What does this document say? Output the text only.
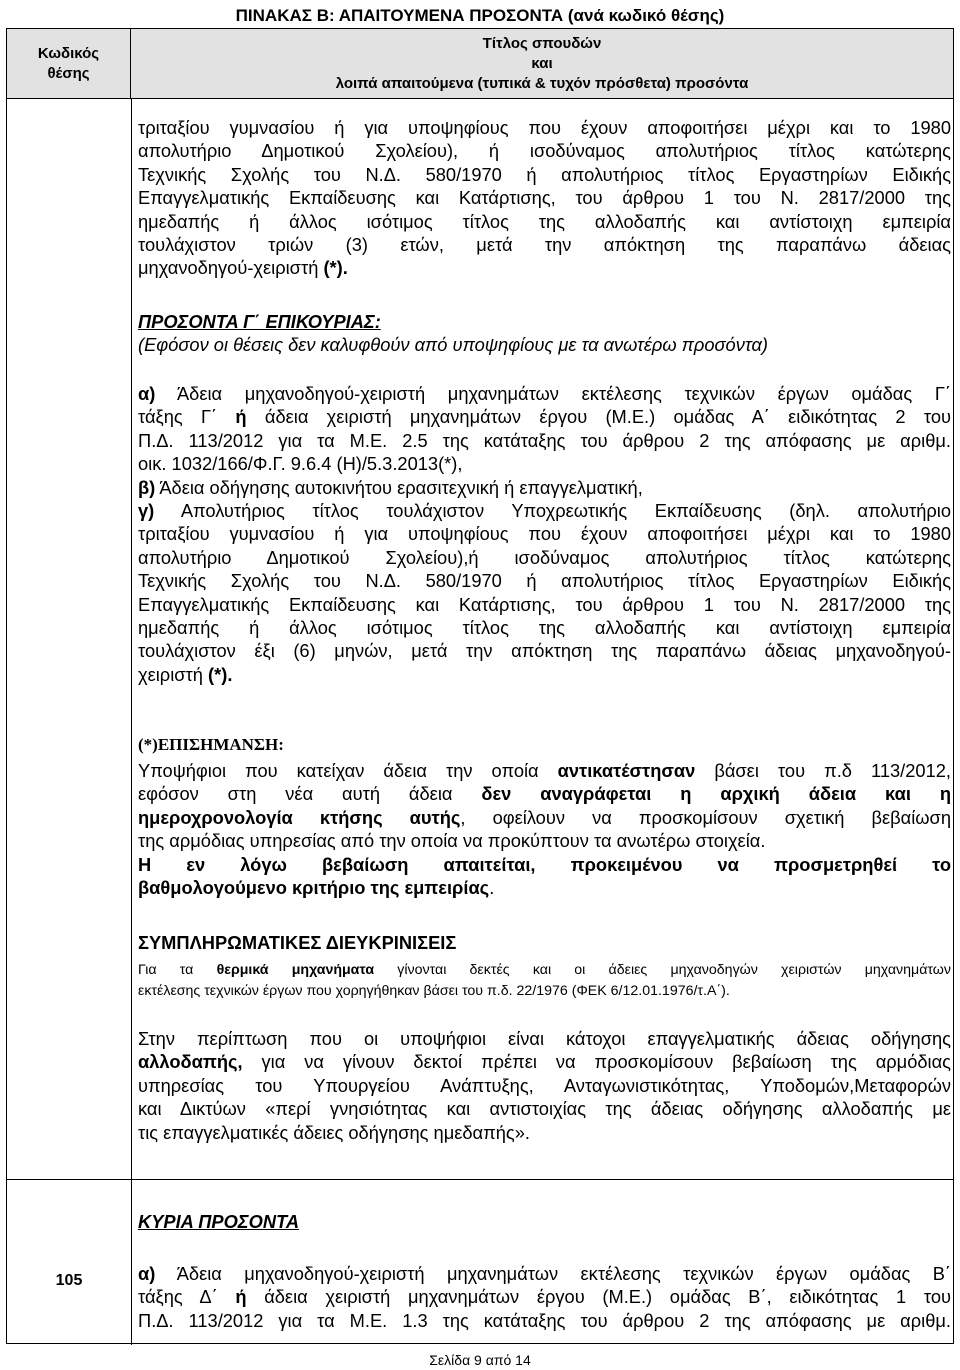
ΠΙΝΑΚΑΣ Β: ΑΠΑΙΤΟΥΜΕΝΑ ΠΡΟΣΟΝΤΑ (ανά κωδικό θέσης)
Κωδικός
θέσης
Τίτλος σπουδών
και
λοιπά απαιτούμενα (τυπικά & τυχόν πρόσθετα) προσόντα
105

τριταξίου γυμνασίου ή για υποψηφίους που έχουν αποφοιτήσει μέχρι και το 1980

απολυτήριο Δημοτικού Σχολείου), ή ισοδύναμος απολυτήριος τίτλος κατώτερης

Τεχνικής Σχολής του Ν.Δ. 580/1970 ή απολυτήριος τίτλος Εργαστηρίων Ειδικής

Επαγγελματικής Εκπαίδευσης και Κατάρτισης, του άρθρου 1 του Ν. 2817/2000 της

ημεδαπής ή άλλος ισότιμος τίτλος της αλλοδαπής και αντίστοιχη εμπειρία

τουλάχιστον τριών (3) ετών, μετά την απόκτηση της παραπάνω άδειας

μηχανοδηγού-χειριστή (*).

ΠΡΟΣΟΝΤΑ Γ΄ ΕΠΙΚΟΥΡΙΑΣ:

(Εφόσον οι θέσεις δεν καλυφθούν από υποψηφίους με τα ανωτέρω προσόντα)

α) Άδεια μηχανοδηγού-χειριστή μηχανημάτων εκτέλεσης τεχνικών έργων ομάδας Γ΄

τάξης Γ΄ ή άδεια χειριστή μηχανημάτων έργου (Μ.Ε.) ομάδας Α΄ ειδικότητας 2 του

Π.Δ. 113/2012 για τα Μ.Ε. 2.5 της κατάταξης του άρθρου 2 της απόφασης με αριθμ.

οικ. 1032/166/Φ.Γ. 9.6.4 (Η)/5.3.2013(*),

β) Άδεια οδήγησης αυτοκινήτου ερασιτεχνική ή επαγγελματική,

γ) Απολυτήριος τίτλος τουλάχιστον Υποχρεωτικής Εκπαίδευσης (δηλ. απολυτήριο

τριταξίου γυμνασίου ή για υποψηφίους που έχουν αποφοιτήσει μέχρι και το 1980

απολυτήριο Δημοτικού Σχολείου),ή ισοδύναμος απολυτήριος τίτλος κατώτερης

Τεχνικής Σχολής του Ν.Δ. 580/1970 ή απολυτήριος τίτλος Εργαστηρίων Ειδικής

Επαγγελματικής Εκπαίδευσης και Κατάρτισης, του άρθρου 1 του Ν. 2817/2000 της

ημεδαπής ή άλλος ισότιμος τίτλος της αλλοδαπής και αντίστοιχη εμπειρία

τουλάχιστον έξι (6) μηνών, μετά την απόκτηση της παραπάνω άδειας μηχανοδηγού-

χειριστή (*).

(*)ΕΠΙΣΗΜΑΝΣΗ:

Υποψήφιοι που κατείχαν άδεια την οποία αντικατέστησαν βάσει του π.δ 113/2012,

εφόσον στη νέα αυτή άδεια δεν αναγράφεται η αρχική άδεια και η

ημεροχρονολογία κτήσης αυτής, οφείλουν να προσκομίσουν σχετική βεβαίωση

της αρμόδιας υπηρεσίας από την οποία να προκύπτουν τα ανωτέρω στοιχεία.

Η εν λόγω βεβαίωση απαιτείται, προκειμένου να προσμετρηθεί το

βαθμολογούμενο κριτήριο της εμπειρίας.

ΣΥΜΠΛΗΡΩΜΑΤΙΚΕΣ ΔΙΕΥΚΡΙΝΙΣΕΙΣ

Για τα θερμικά μηχανήματα γίνονται δεκτές και οι άδειες μηχανοδηγών χειριστών μηχανημάτων

εκτέλεσης τεχνικών έργων που χορηγήθηκαν βάσει του π.δ. 22/1976 (ΦΕΚ 6/12.01.1976/τ.Α΄).

Στην περίπτωση που οι υποψήφιοι είναι κάτοχοι επαγγελματικής άδειας οδήγησης

αλλοδαπής, για να γίνουν δεκτοί πρέπει να προσκομίσουν βεβαίωση της αρμόδιας

υπηρεσίας του Υπουργείου Ανάπτυξης, Ανταγωνιστικότητας, Υποδομών,Μεταφορών

και Δικτύων «περί γνησιότητας και αντιστοιχίας της άδειας οδήγησης αλλοδαπής με

τις επαγγελματικές άδειες οδήγησης ημεδαπής».

ΚΥΡΙΑ ΠΡΟΣΟΝΤΑ

α) Άδεια μηχανοδηγού-χειριστή μηχανημάτων εκτέλεσης τεχνικών έργων ομάδας Β΄

τάξης Δ΄ ή άδεια χειριστή μηχανημάτων έργου (Μ.Ε.) ομάδας Β΄, ειδικότητας 1 του

Π.Δ. 113/2012 για τα Μ.Ε. 1.3 της κατάταξης του άρθρου 2 της απόφασης με αριθμ.

Σελίδα 9 από 14
